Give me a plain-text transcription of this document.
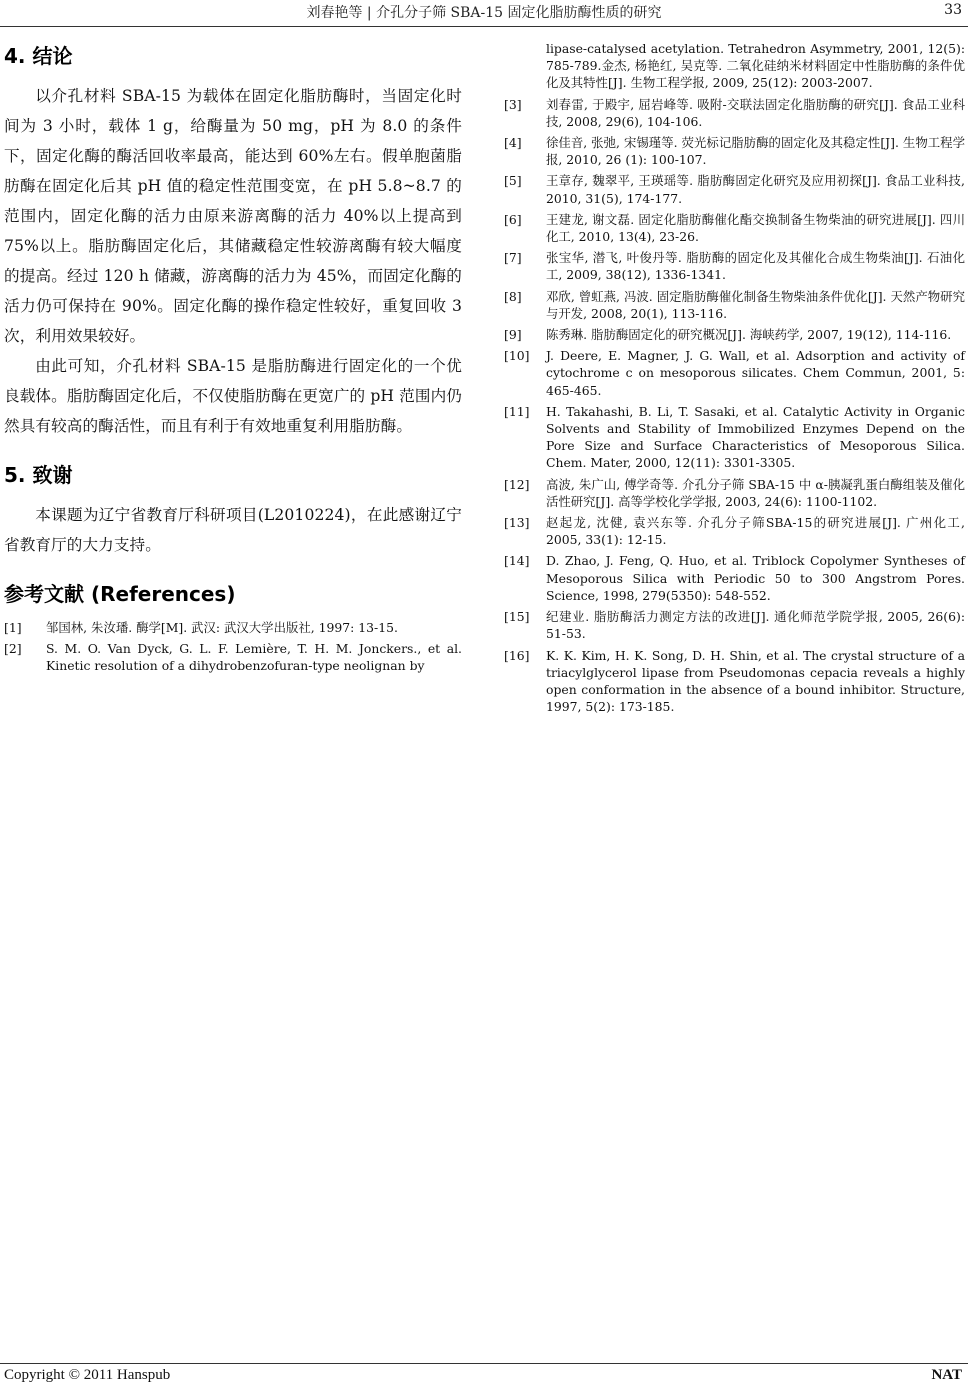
刘春艳等 | 介孔分子筛 SBA-15 固定化脂肪酶性质的研究	33
4. 结论

以介孔材料 SBA-15 为载体在固定化脂肪酶时，当固定化时间为 3 小时，载体 1 g，给酶量为 50 mg，pH 为 8.0 的条件下，固定化酶的酶活回收率最高，能达到 60%左右。假单胞菌脂肪酶在固定化后其 pH 值的稳定性范围变宽，在 pH 5.8~8.7 的范围内，固定化酶的活力由原来游离酶的活力 40%以上提高到 75%以上。脂肪酶固定化后，其储藏稳定性较游离酶有较大幅度的提高。经过 120 h 储藏，游离酶的活力为 45%，而固定化酶的活力仍可保持在 90%。固定化酶的操作稳定性较好，重复回收 3 次，利用效果较好。

由此可知，介孔材料 SBA-15 是脂肪酶进行固定化的一个优良载体。脂肪酶固定化后，不仅使脂肪酶在更宽广的 pH 范围内仍然具有较高的酶活性，而且有利于有效地重复利用脂肪酶。

5. 致谢

本课题为辽宁省教育厅科研项目(L2010224)，在此感谢辽宁省教育厅的大力支持。

参考文献 (References)
[1] 邹国林, 朱汝璠. 酶学[M]. 武汉: 武汉大学出版社, 1997: 13-15.
[2] S. M. O. Van Dyck, G. L. F. Lemière, T. H. M. Jonckers., et al. Kinetic resolution of a dihydrobenzofuran-type neolignan by
lipase-catalysed acetylation. Tetrahedron Asymmetry, 2001, 12(5): 785-789.金杰, 杨艳红, 吴克等. 二氧化硅纳米材料固定中性脂肪酶的条件优化及其特性[J]. 生物工程学报, 2009, 25(12): 2003-2007.
[3] 刘春雷, 于殿宇, 屈岩峰等. 吸附-交联法固定化脂肪酶的研究[J]. 食品工业科技, 2008, 29(6), 104-106.
[4] 徐佳音, 张弛, 宋锡瑾等. 荧光标记脂肪酶的固定化及其稳定性[J]. 生物工程学报, 2010, 26 (1): 100-107.
[5] 王章存, 魏翠平, 王瑛瑶等. 脂肪酶固定化研究及应用初探[J]. 食品工业科技, 2010, 31(5), 174-177.
[6] 王建龙, 谢文磊. 固定化脂肪酶催化酯交换制备生物柴油的研究进展[J]. 四川化工, 2010, 13(4), 23-26.
[7] 张宝华, 潜飞, 叶俊丹等. 脂肪酶的固定化及其催化合成生物柴油[J]. 石油化工, 2009, 38(12), 1336-1341.
[8] 邓欣, 曾虹燕, 冯波. 固定脂肪酶催化制备生物柴油条件优化[J]. 天然产物研究与开发, 2008, 20(1), 113-116.
[9] 陈秀琳. 脂肪酶固定化的研究概况[J]. 海峡药学, 2007, 19(12), 114-116.
[10] J. Deere, E. Magner, J. G. Wall, et al. Adsorption and activity of cytochrome c on mesoporous silicates. Chem Commun, 2001, 5: 465-465.
[11] H. Takahashi, B. Li, T. Sasaki, et al. Catalytic Activity in Organic Solvents and Stability of Immobilized Enzymes Depend on the Pore Size and Surface Characteristics of Mesoporous Silica. Chem. Mater, 2000, 12(11): 3301-3305.
[12] 高波, 朱广山, 傅学奇等. 介孔分子筛 SBA-15 中 α-胰凝乳蛋白酶组装及催化活性研究[J]. 高等学校化学学报, 2003, 24(6): 1100-1102.
[13] 赵起龙, 沈健, 袁兴东等. 介孔分子筛SBA-15的研究进展[J]. 广州化工, 2005, 33(1): 12-15.
[14] D. Zhao, J. Feng, Q. Huo, et al. Triblock Copolymer Syntheses of Mesoporous Silica with Periodic 50 to 300 Angstrom Pores. Science, 1998, 279(5350): 548-552.
[15] 纪建业. 脂肪酶活力测定方法的改进[J]. 通化师范学院学报, 2005, 26(6): 51-53.
[16] K. K. Kim, H. K. Song, D. H. Shin, et al. The crystal structure of a triacylglycerol lipase from Pseudomonas cepacia reveals a highly open conformation in the absence of a bound inhibitor. Structure, 1997, 5(2): 173-185.
Copyright © 2011 Hanspub	NAT
